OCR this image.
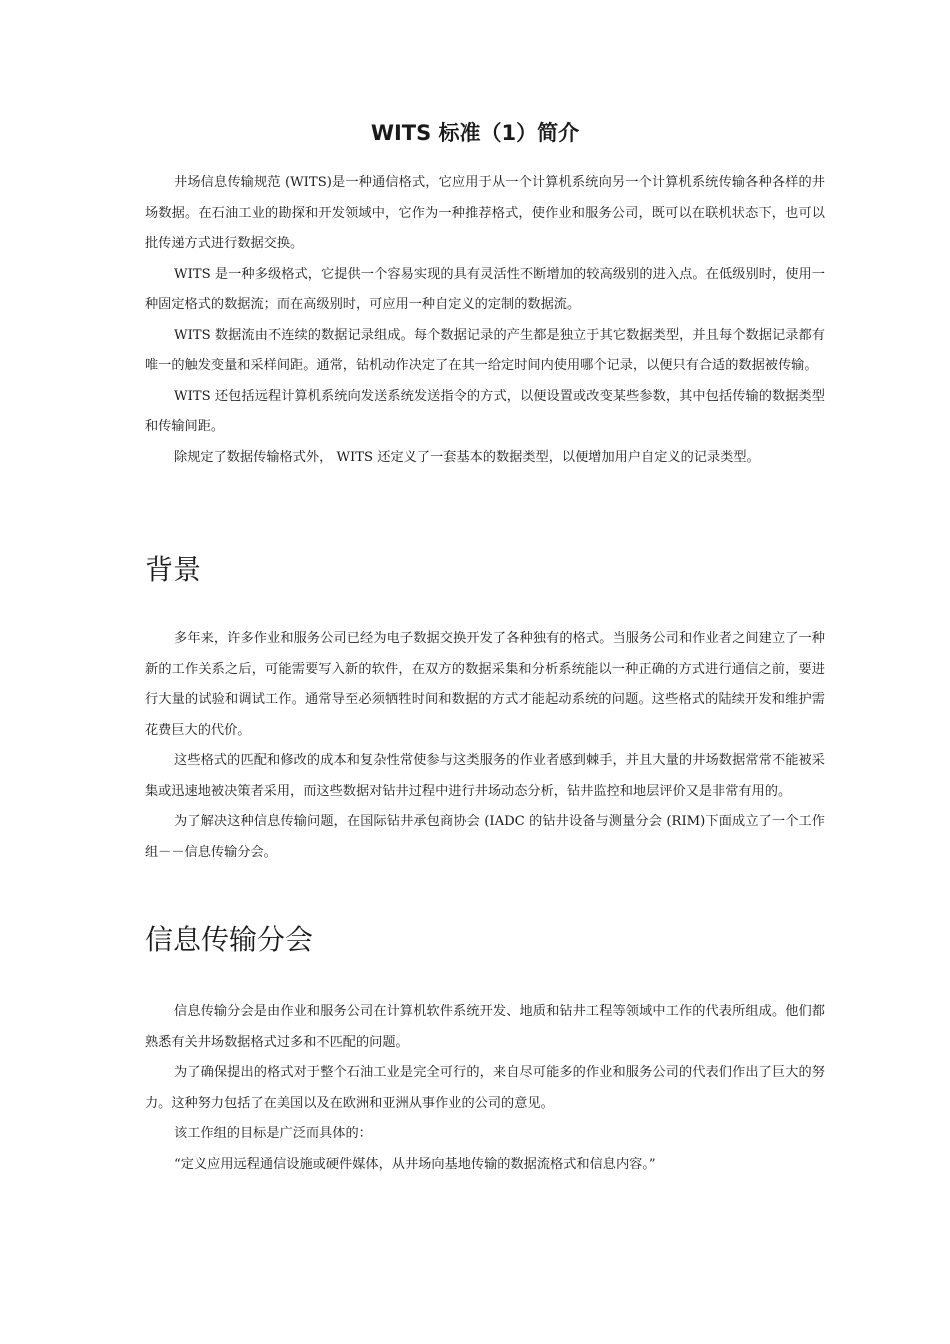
WITS 标准（1）简介

井场信息传输规范 (WITS)是一种通信格式，它应用于从一个计算机系统向另一个计算机系统传输各种各样的井场数据。在石油工业的勘探和开发领域中，它作为一种推荐格式，使作业和服务公司，既可以在联机状态下，也可以批传递方式进行数据交换。

WITS 是一种多级格式，它提供一个容易实现的具有灵活性不断增加的较高级别的进入点。在低级别时，使用一种固定格式的数据流；而在高级别时，可应用一种自定义的定制的数据流。

WITS 数据流由不连续的数据记录组成。每个数据记录的产生都是独立于其它数据类型，并且每个数据记录都有唯一的触发变量和采样间距。通常，钻机动作决定了在其一给定时间内使用哪个记录，以便只有合适的数据被传输。

WITS 还包括远程计算机系统向发送系统发送指令的方式，以便设置或改变某些参数，其中包括传输的数据类型和传输间距。

除规定了数据传输格式外， WITS 还定义了一套基本的数据类型，以便增加用户自定义的记录类型。

背景

多年来，许多作业和服务公司已经为电子数据交换开发了各种独有的格式。当服务公司和作业者之间建立了一种新的工作关系之后，可能需要写入新的软件，在双方的数据采集和分析系统能以一种正确的方式进行通信之前，要进行大量的试验和调试工作。通常导至必须牺牲时间和数据的方式才能起动系统的问题。这些格式的陆续开发和维护需花费巨大的代价。

这些格式的匹配和修改的成本和复杂性常使参与这类服务的作业者感到棘手，并且大量的井场数据常常不能被采集或迅速地被决策者采用，而这些数据对钻井过程中进行井场动态分析，钻井监控和地层评价又是非常有用的。

为了解决这种信息传输问题，在国际钻井承包商协会 (IADC 的钻井设备与测量分会 (RIM)下面成立了一个工作组－－信息传输分会。

信息传输分会

信息传输分会是由作业和服务公司在计算机软件系统开发、地质和钻井工程等领域中工作的代表所组成。他们都熟悉有关井场数据格式过多和不匹配的问题。

为了确保提出的格式对于整个石油工业是完全可行的，来自尽可能多的作业和服务公司的代表们作出了巨大的努力。这种努力包括了在美国以及在欧洲和亚洲从事作业的公司的意见。

该工作组的目标是广泛而具体的：

“定义应用远程通信设施或硬件媒体，从井场向基地传输的数据流格式和信息内容。”
